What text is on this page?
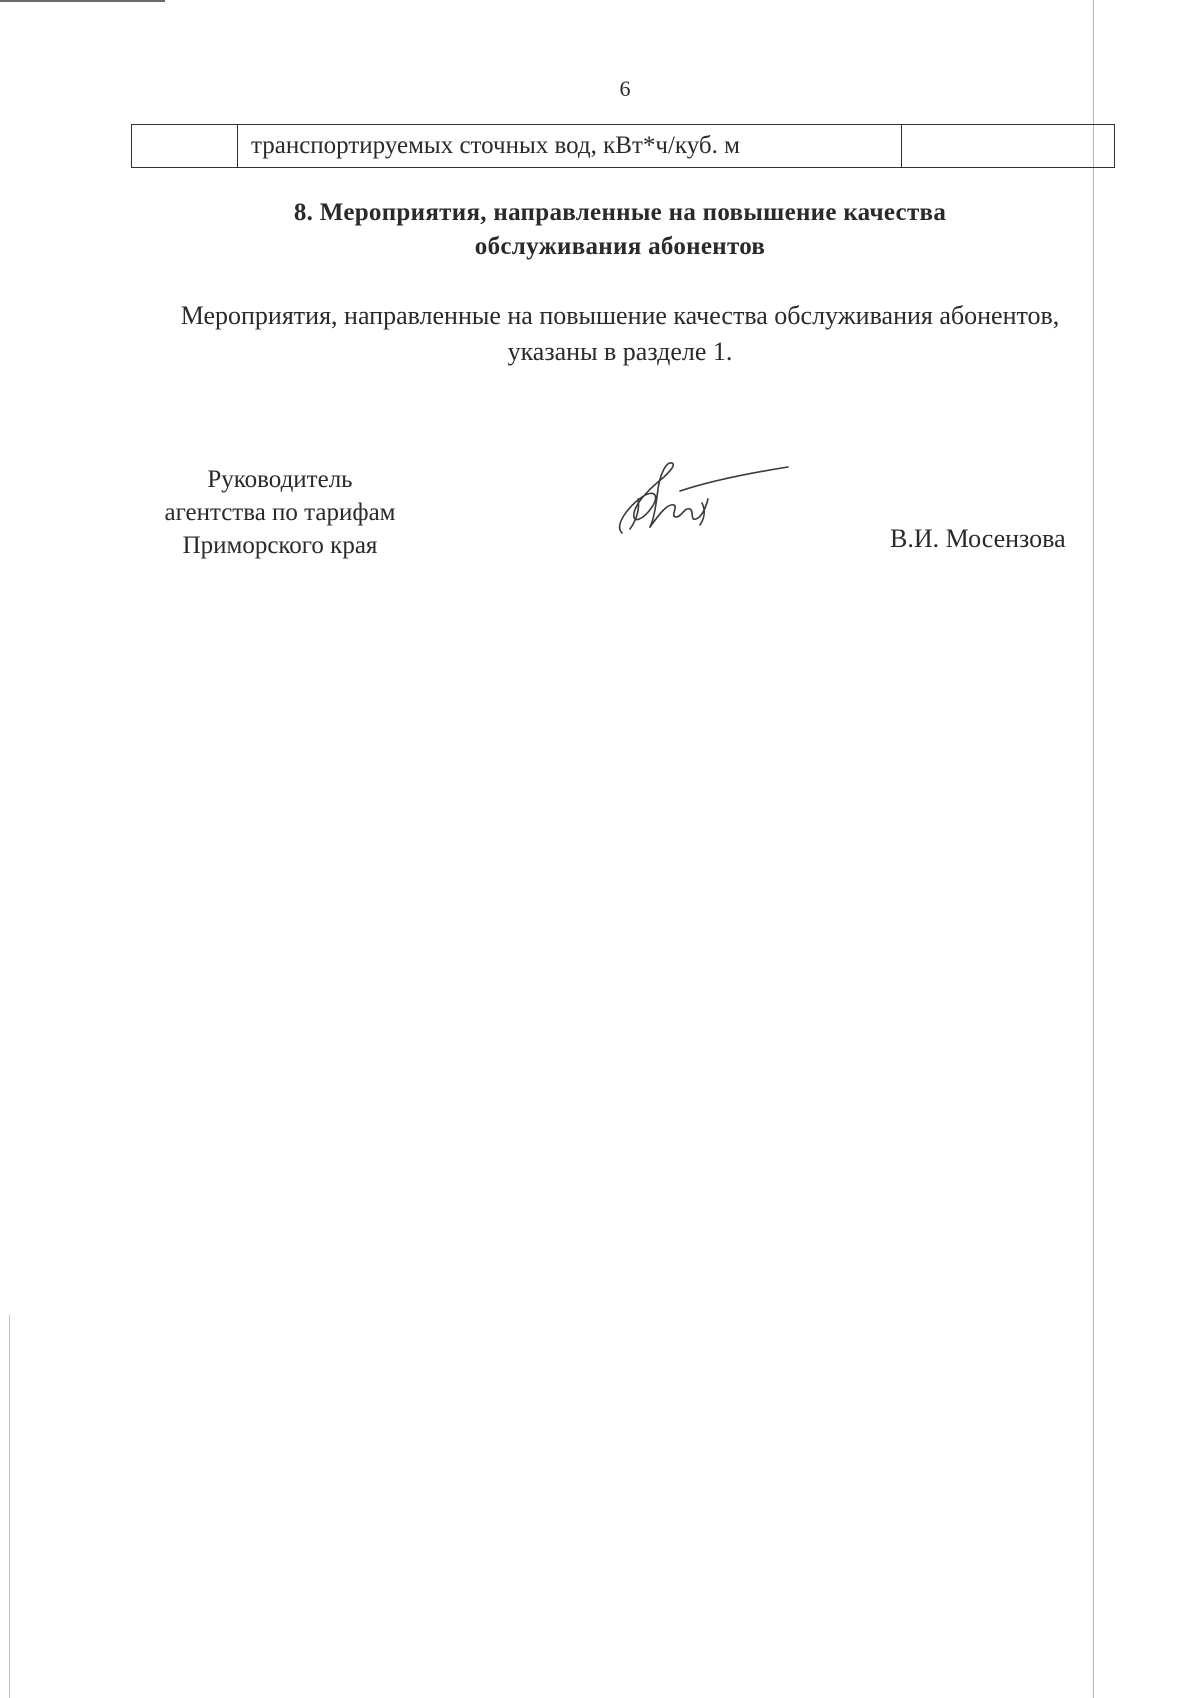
6
	транспортируемых сточных вод, кВт*ч/куб. м	
8. Мероприятия, направленные на повышение качества
обслуживания абонентов
Мероприятия, направленные на повышение качества обслуживания абонентов,
указаны в разделе 1.
Руководитель
агентства по тарифам
Приморского края	В.И. Мосензова
